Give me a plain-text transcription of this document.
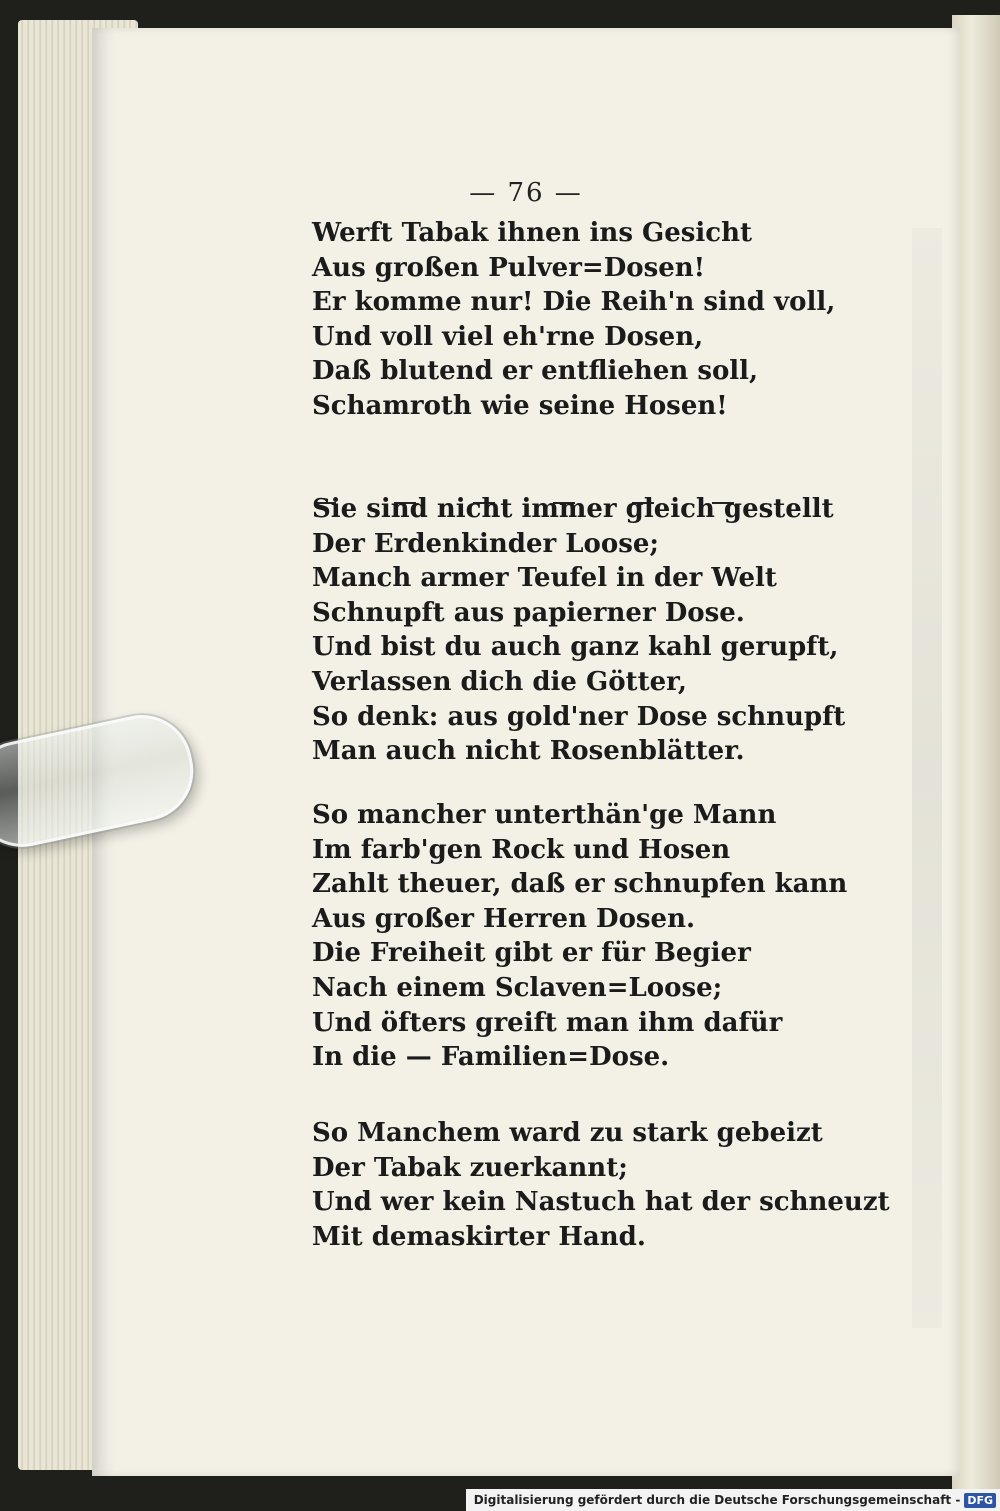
— 76 —
Werft Tabak ihnen ins Gesicht
Aus großen Pulver=Dosen!
Er komme nur! Die Reih'n sind voll,
Und voll viel eh'rne Dosen,
Daß blutend er entfliehen soll,
Schamroth wie seine Hosen!
Sie sind nicht immer gleich gestellt
Der Erdenkinder Loose;
Manch armer Teufel in der Welt
Schnupft aus papierner Dose.
Und bist du auch ganz kahl gerupft,
Verlassen dich die Götter,
So denk: aus gold'ner Dose schnupft
Man auch nicht Rosenblätter.
So mancher unterthän'ge Mann
Im farb'gen Rock und Hosen
Zahlt theuer, daß er schnupfen kann
Aus großer Herren Dosen.
Die Freiheit gibt er für Begier
Nach einem Sclaven=Loose;
Und öfters greift man ihm dafür
In die — Familien=Dose.
So Manchem ward zu stark gebeizt
Der Tabak zuerkannt;
Und wer kein Nastuch hat der schneuzt
Mit demaskirter Hand.
Digitalisierung gefördert durch die Deutsche Forschungsgemeinschaft - DFG
